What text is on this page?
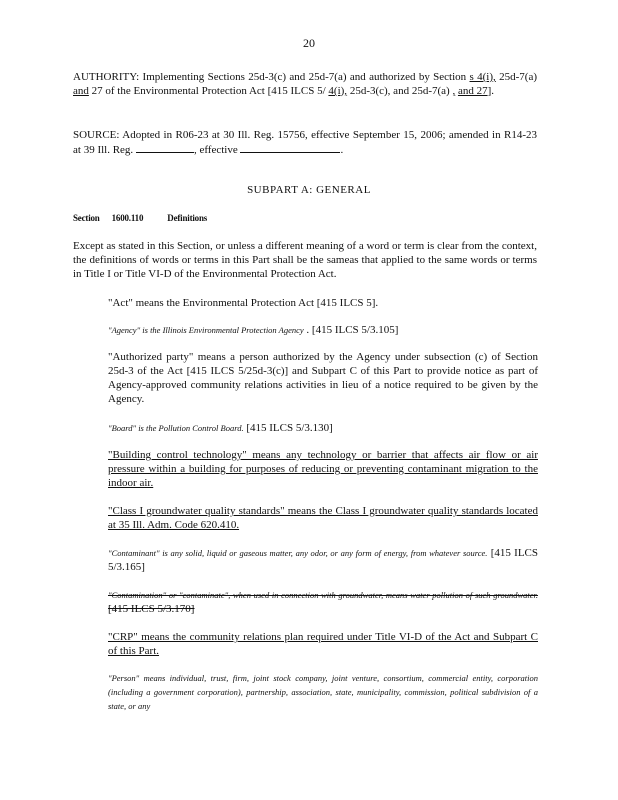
20
AUTHORITY: Implementing Sections 25d-3(c) and 25d-7(a) and authorized by Section s 4(i), 25d-7(a) and 27 of the Environmental Protection Act [415 ILCS 5/ 4(i), 25d-3(c), and 25d-7(a) , and 27].
SOURCE: Adopted in R06-23 at 30 Ill. Reg. 15756, effective September 15, 2006; amended in R14-23 at 39 Ill. Reg.	, effective	.
SUBPART A: GENERAL
Section 1600.110	Definitions
Except as stated in this Section, or unless a different meaning of a word or term is clear from the context, the definitions of words or terms in this Part shall be the sameas that applied to the same words or terms in Title I or Title VI-D of the Environmental Protection Act.
"Act" means the Environmental Protection Act [415 ILCS 5].
"Agency" is the Illinois Environmental Protection Agency . [415 ILCS 5/3.105]
"Authorized party" means a person authorized by the Agency under subsection (c) of Section 25d-3 of the Act [415 ILCS 5/25d-3(c)] and Subpart C of this Part to provide notice as part of Agency-approved community relations activities in lieu of a notice required to be given by the Agency.
"Board" is the Pollution Control Board. [415 ILCS 5/3.130]
"Building control technology" means any technology or barrier that affects air flow or air pressure within a building for purposes of reducing or preventing contaminant migration to the indoor air.
"Class I groundwater quality standards" means the Class I groundwater quality standards located at 35 Ill. Adm. Code 620.410.
"Contaminant" is any solid, liquid or gaseous matter, any odor, or any form of energy, from whatever source. [415 ILCS 5/3.165]
"Contamination" or "contaminate", when used in connection with groundwater, means water pollution of such groundwater. [415 ILCS 5/3.170]
"CRP" means the community relations plan required under Title VI-D of the Act and Subpart C of this Part.
"Person" means individual, trust, firm, joint stock company, joint venture, consortium, commercial entity, corporation (including a government corporation), partnership, association, state, municipality, commission, political subdivision of a state, or any
